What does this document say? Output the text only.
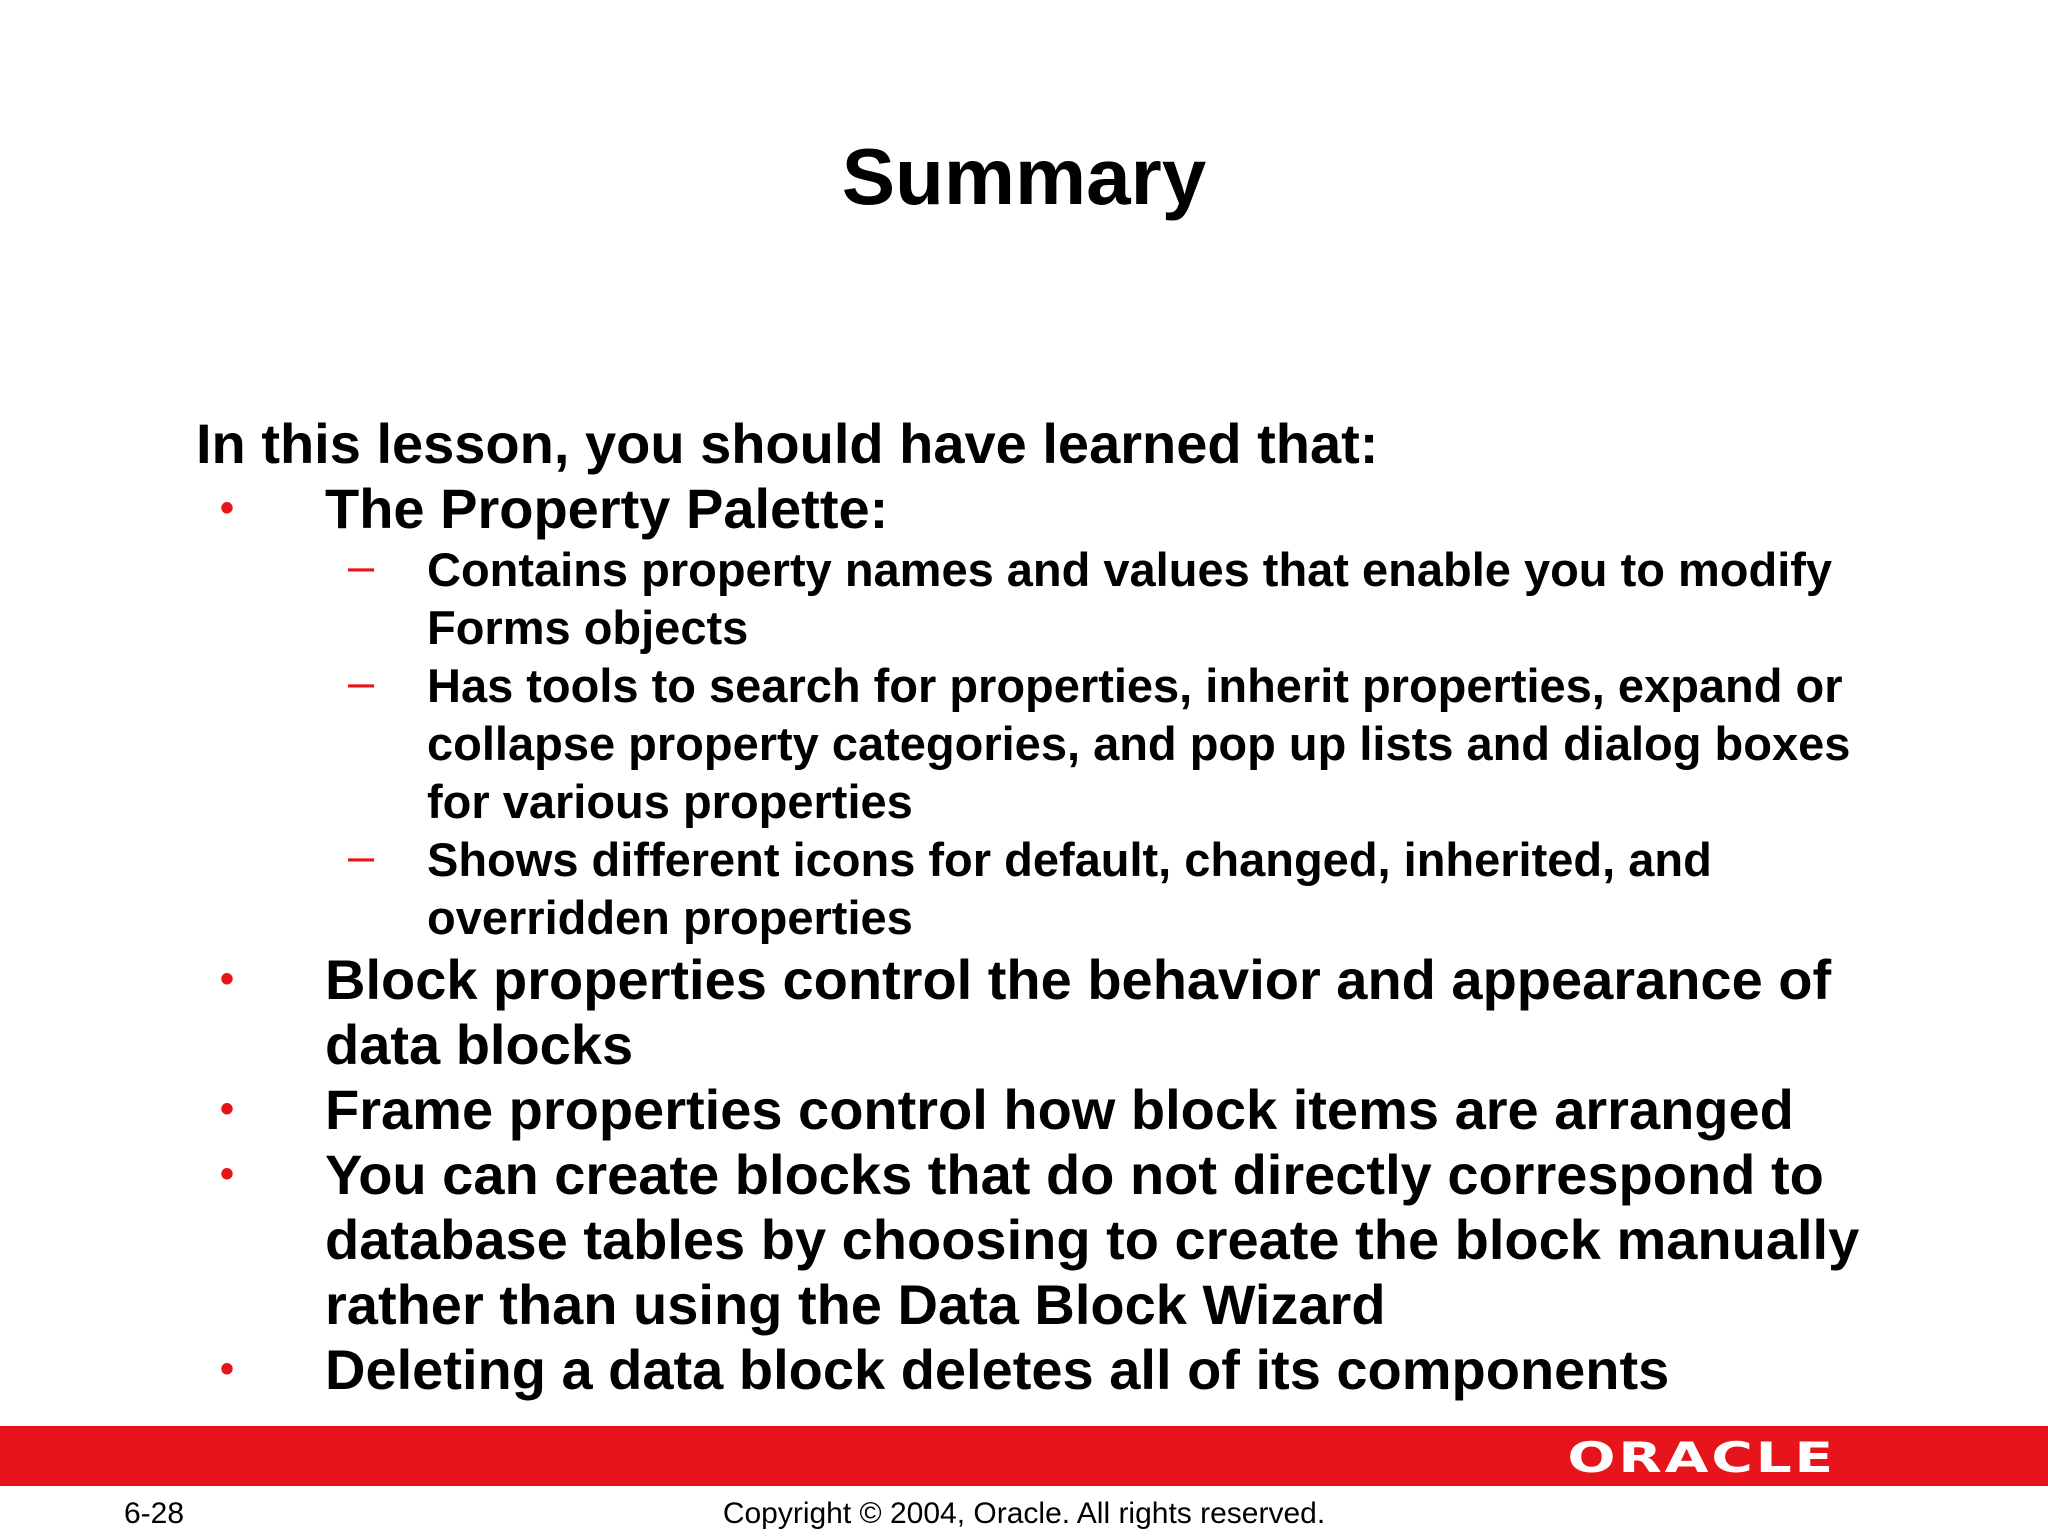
Summary
In this lesson, you should have learned that:
• The Property Palette:
– Contains property names and values that enable you to modify Forms objects
– Has tools to search for properties, inherit properties, expand or collapse property categories, and pop up lists and dialog boxes for various properties
– Shows different icons for default, changed, inherited, and overridden properties
• Block properties control the behavior and appearance of data blocks
• Frame properties control how block items are arranged
• You can create blocks that do not directly correspond to database tables by choosing to create the block manually rather than using the Data Block Wizard
• Deleting a data block deletes all of its components
ORACLE
Copyright © 2004, Oracle. All rights reserved.
6-28
